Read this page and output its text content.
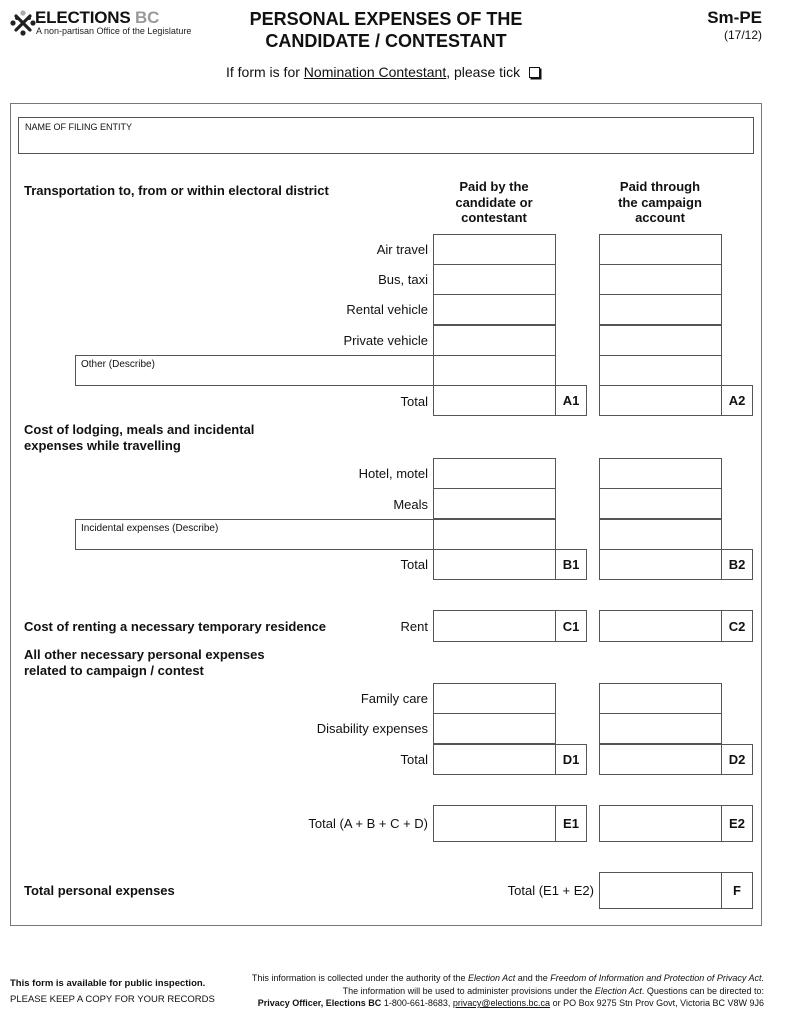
ELECTIONS BC
A non-partisan Office of the Legislature
PERSONAL EXPENSES OF THE
CANDIDATE / CONTESTANT
Sm-PE
(17/12)
If form is for Nomination Contestant, please tick
NAME OF FILING ENTITY
Paid by the
candidate or
contestant
Paid through
the campaign
account
Transportation to, from or within electoral district
Air travel
Bus, taxi
Rental vehicle
Private vehicle
Other (Describe)
Total	A1	A2
Cost of lodging, meals and incidental
expenses while travelling
Hotel, motel
Meals
Incidental expenses (Describe)
Total	B1	B2
Cost of renting a necessary temporary residence	Rent	C1	C2
All other necessary personal expenses
related to campaign / contest
Family care
Disability expenses
Total	D1	D2
Total (A + B + C + D)	E1	E2
Total personal expenses	Total (E1 + E2)	F
This form is available for public inspection.
PLEASE KEEP A COPY FOR YOUR RECORDS
This information is collected under the authority of the Election Act and the Freedom of Information and Protection of Privacy Act.
The information will be used to administer provisions under the Election Act. Questions can be directed to:
Privacy Officer, Elections BC 1-800-661-8683, privacy@elections.bc.ca or PO Box 9275 Stn Prov Govt, Victoria BC V8W 9J6
